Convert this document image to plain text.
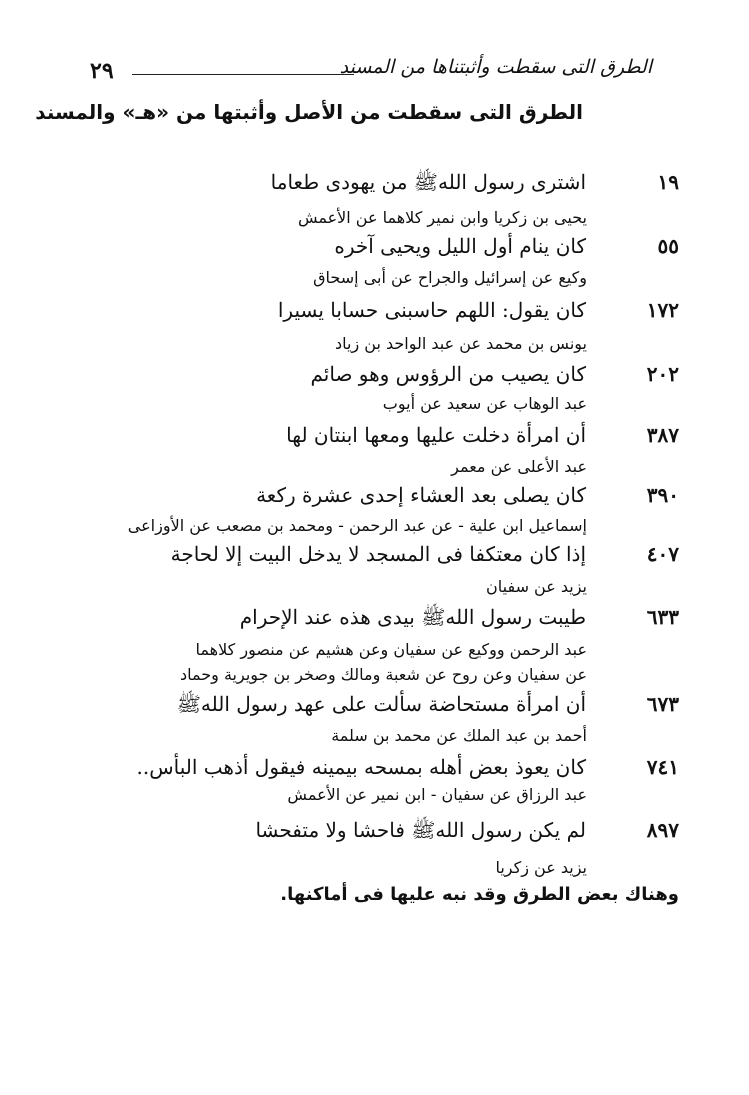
٢٩	الطرق التى سقطت وأثبتناها من المسند
الطرق التى سقطت من الأصل وأثبتها من «هـ» والمسند
١٩
اشترى رسول اللهﷺ من يهودى طعاما
يحيى بن زكريا وابن نمير كلاهما عن الأعمش
٥٥
كان ينام أول الليل ويحيى آخره
وكيع عن إسرائيل والجراح عن أبى إسحاق
١٧٢
كان يقول: اللهم حاسبنى حسابا يسيرا
يونس بن محمد عن عبد الواحد بن زياد
٢٠٢
كان يصيب من الرؤوس وهو صائم
عبد الوهاب عن سعيد عن أيوب
٣٨٧
أن امرأة دخلت عليها ومعها ابنتان لها
عبد الأعلى عن معمر
٣٩٠
كان يصلى بعد العشاء إحدى عشرة ركعة
إسماعيل ابن علية - عن عبد الرحمن - ومحمد بن مصعب عن الأوزاعى
٤٠٧
إذا كان معتكفا فى المسجد لا يدخل البيت إلا لحاجة
يزيد عن سفيان
٦٣٣
طيبت رسول اللهﷺ بيدى هذه عند الإحرام
عبد الرحمن ووكيع عن سفيان وعن هشيم عن منصور كلاهما
عن سفيان وعن روح عن شعبة ومالك وصخر بن جويرية وحماد
٦٧٣
أن امرأة مستحاضة سألت على عهد رسول اللهﷺ
أحمد بن عبد الملك عن محمد بن سلمة
٧٤١
كان يعوذ بعض أهله بمسحه بيمينه فيقول أذهب البأس..
عبد الرزاق عن سفيان - ابن نمير عن الأعمش
٨٩٧
لم يكن رسول اللهﷺ فاحشا ولا متفحشا
يزيد عن زكريا
وهناك بعض الطرق وقد نبه عليها فى أماكنها.
